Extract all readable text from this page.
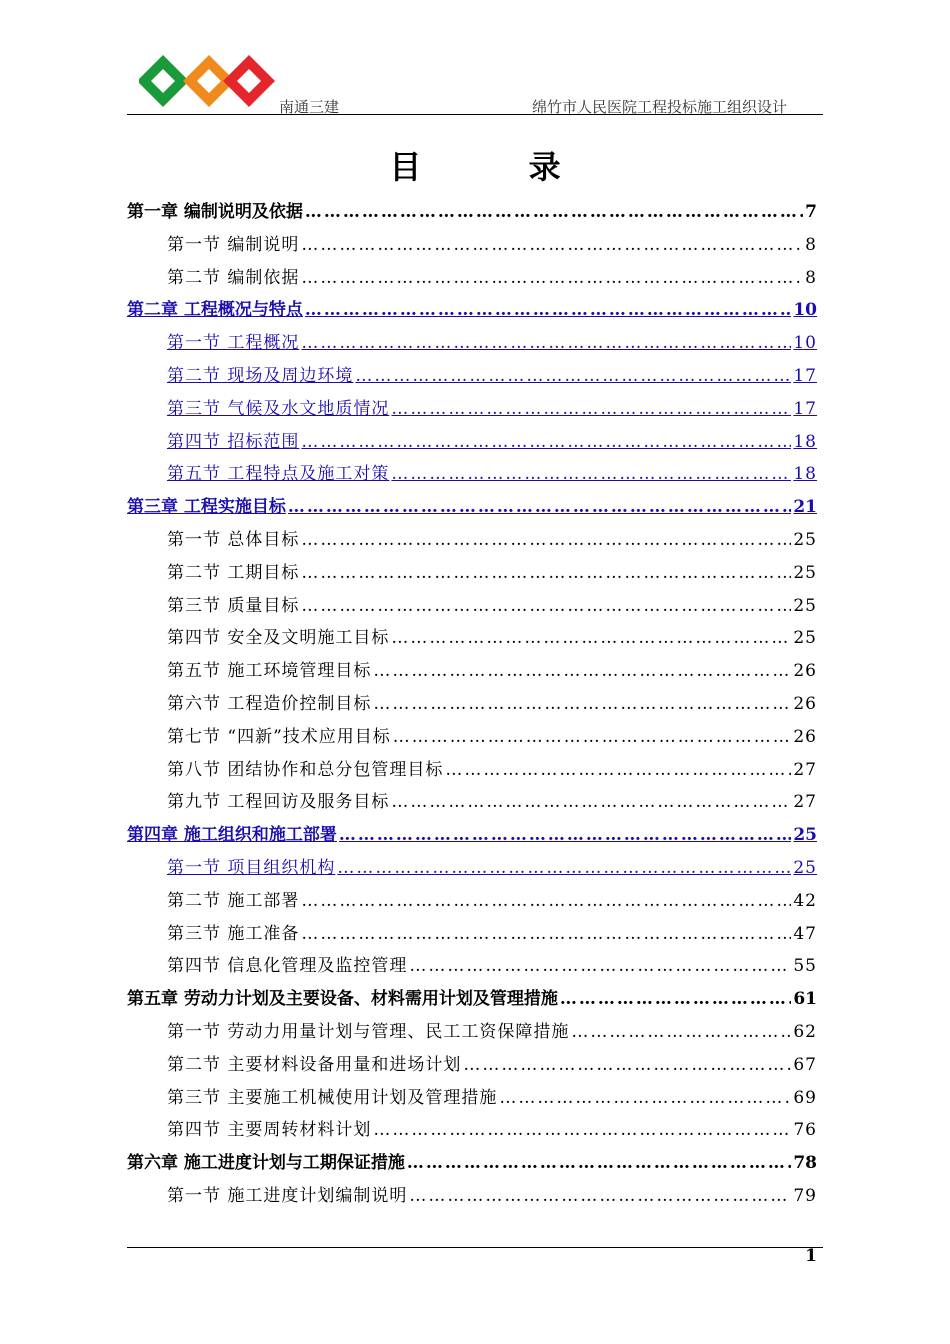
南通三建	绵竹市人民医院工程投标施工组织设计
目 录
第一章 编制说明及依据 ……………………………………………………………………………………………………………………………………………………	7
第一节 编制说明 ……………………………………………………………………………………………………………………………………………………	8
第二节 编制依据 ……………………………………………………………………………………………………………………………………………………	8
第二章 工程概况与特点 ……………………………………………………………………………………………………………………………………………………	10
第一节 工程概况 ……………………………………………………………………………………………………………………………………………………	10
第二节 现场及周边环境 ……………………………………………………………………………………………………………………………………………………	17
第三节 气候及水文地质情况 ……………………………………………………………………………………………………………………………………………………	17
第四节 招标范围 ……………………………………………………………………………………………………………………………………………………	18
第五节 工程特点及施工对策 ……………………………………………………………………………………………………………………………………………………	18
第三章 工程实施目标 ……………………………………………………………………………………………………………………………………………………	21
第一节 总体目标 ……………………………………………………………………………………………………………………………………………………	25
第二节 工期目标 ……………………………………………………………………………………………………………………………………………………	25
第三节 质量目标 ……………………………………………………………………………………………………………………………………………………	25
第四节 安全及文明施工目标 ……………………………………………………………………………………………………………………………………………………	25
第五节 施工环境管理目标 ……………………………………………………………………………………………………………………………………………………	26
第六节 工程造价控制目标 ……………………………………………………………………………………………………………………………………………………	26
第七节 “四新”技术应用目标 ……………………………………………………………………………………………………………………………………………………	26
第八节 团结协作和总分包管理目标 ……………………………………………………………………………………………………………………………………………………	27
第九节 工程回访及服务目标 ……………………………………………………………………………………………………………………………………………………	27
第四章 施工组织和施工部署 ……………………………………………………………………………………………………………………………………………………	25
第一节 项目组织机构 ……………………………………………………………………………………………………………………………………………………	25
第二节 施工部署 ……………………………………………………………………………………………………………………………………………………	42
第三节 施工准备 ……………………………………………………………………………………………………………………………………………………	47
第四节 信息化管理及监控管理 ……………………………………………………………………………………………………………………………………………………	55
第五章 劳动力计划及主要设备、材料需用计划及管理措施 ……………………………………………………………………………………………………………………………………………………	61
第一节 劳动力用量计划与管理、民工工资保障措施 ……………………………………………………………………………………………………………………………………………………	62
第二节 主要材料设备用量和进场计划 ……………………………………………………………………………………………………………………………………………………	67
第三节 主要施工机械使用计划及管理措施 ……………………………………………………………………………………………………………………………………………………	69
第四节 主要周转材料计划 ……………………………………………………………………………………………………………………………………………………	76
第六章 施工进度计划与工期保证措施 ……………………………………………………………………………………………………………………………………………………	78
第一节 施工进度计划编制说明 ……………………………………………………………………………………………………………………………………………………	79
1
